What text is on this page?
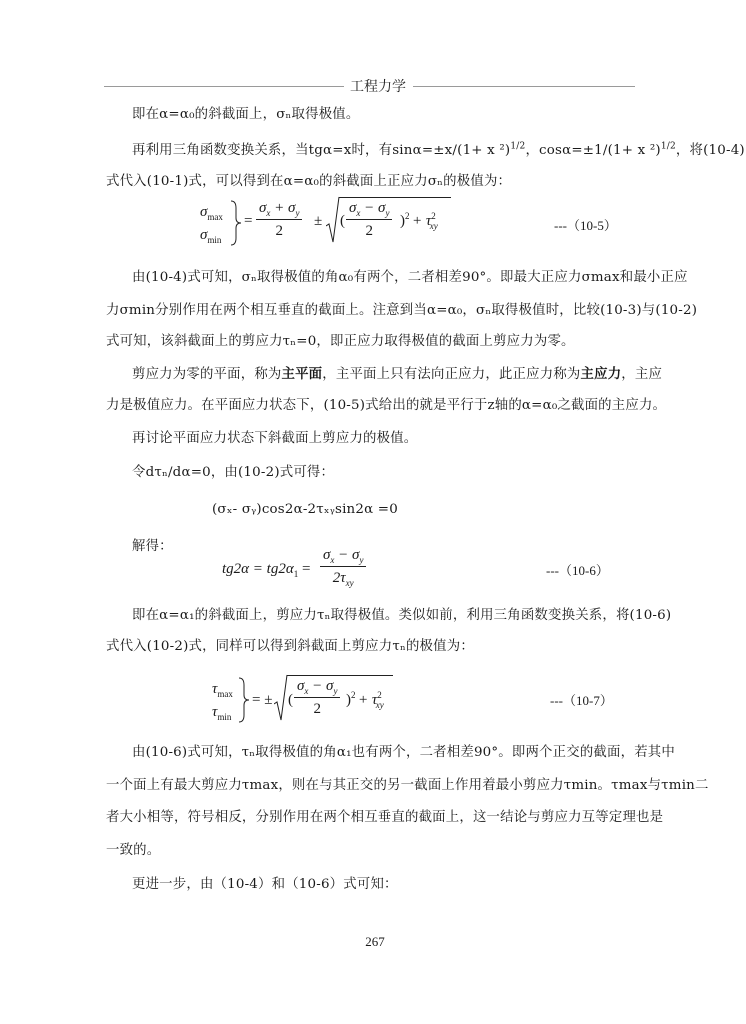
工程力学
即在α=α₀的斜截面上，σₙ取得极值。
再利用三角函数变换关系，当tgα=x时，有sinα=±x/(1+ x ²)$^{1/2}$，cosα=±1/(1+ x ²)$^{1/2}$，将(10-4)
式代入(10-1)式，可以得到在α=α₀的斜截面上正应力σₙ的极值为：
$\sigma_{max}$
$\sigma_{min}$
= $\frac{\sigma_x + \sigma_y}{2}$ ± ( $\frac{\sigma_x - \sigma_y}{2} )^2 + \tau^2_{xy}$	---（10-5）
由(10-4)式可知，σₙ取得极值的角α₀有两个，二者相差90°。即最大正应力σmax和最小正应
力σmin分别作用在两个相互垂直的截面上。注意到当α=α₀，σₙ取得极值时，比较(10-3)与(10-2)
式可知，该斜截面上的剪应力τₙ=0，即正应力取得极值的截面上剪应力为零。
剪应力为零的平面，称为主平面，主平面上只有法向正应力，此正应力称为主应力，主应
力是极值应力。在平面应力状态下，(10-5)式给出的就是平行于z轴的α=α₀之截面的主应力。
再讨论平面应力状态下斜截面上剪应力的极值。
令dτₙ/dα=0，由(10-2)式可得：
(σₓ- σᵧ)cos2α-2τₓᵧsin2α =0
解得：
$tg2\alpha = tg2\alpha_1 = \frac{\sigma_x - \sigma_y}{2\tau_{xy}}$	---（10-6）
即在α=α₁的斜截面上，剪应力τₙ取得极值。类似如前，利用三角函数变换关系，将(10-6)
式代入(10-2)式，同样可以得到斜截面上剪应力τₙ的极值为：
$\tau_{max}$
$\tau_{min}$
= ± ( $\frac{\sigma_x - \sigma_y}{2} )^2 + \tau^2_{xy}$	---（10-7）
由(10-6)式可知，τₙ取得极值的角α₁也有两个，二者相差90°。即两个正交的截面，若其中
一个面上有最大剪应力τmax，则在与其正交的另一截面上作用着最小剪应力τmin。τmax与τmin二
者大小相等，符号相反，分别作用在两个相互垂直的截面上，这一结论与剪应力互等定理也是
一致的。
更进一步，由（10-4）和（10-6）式可知：
267
